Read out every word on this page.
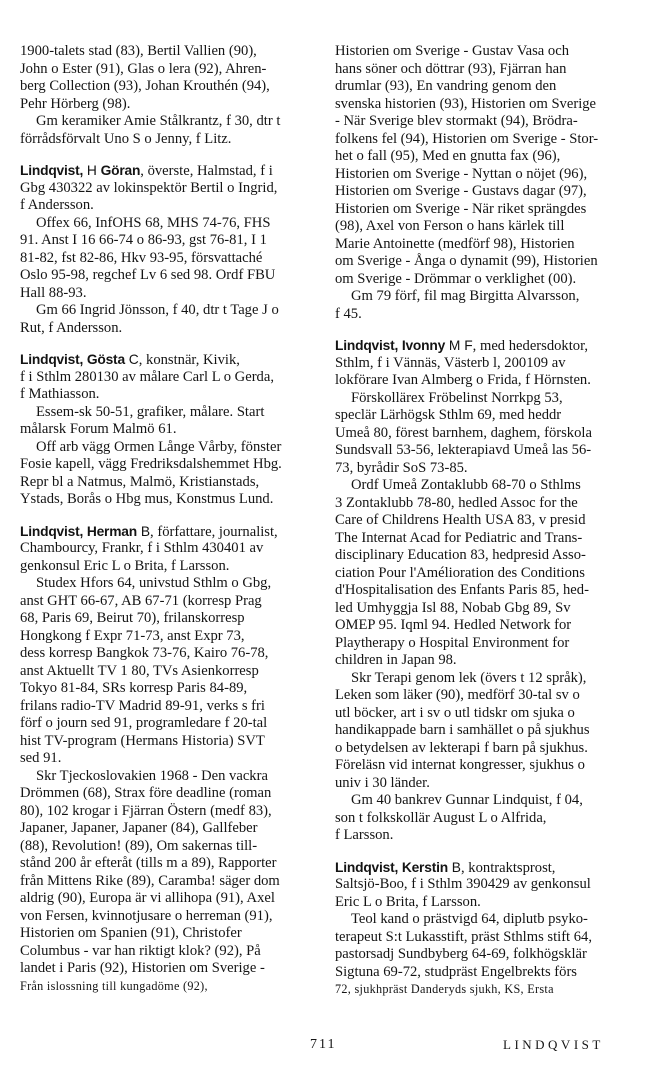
1900-talets stad (83), Bertil Vallien (90),
John o Ester (91), Glas o lera (92), Ahren-
berg Collection (93), Johan Krouthén (94),
Pehr Hörberg (98).
Gm keramiker Amie Stålkrantz, f 30, dtr t
förrådsförvalt Uno S o Jenny, f Litz.
Lindqvist, H Göran, överste, Halmstad, f i
Gbg 430322 av lokinspektör Bertil o Ingrid,
f Andersson.
Offex 66, InfOHS 68, MHS 74-76, FHS
91. Anst I 16 66-74 o 86-93, gst 76-81, I 1
81-82, fst 82-86, Hkv 93-95, försvattaché
Oslo 95-98, regchef Lv 6 sed 98. Ordf FBU
Hall 88-93.
Gm 66 Ingrid Jönsson, f 40, dtr t Tage J o
Rut, f Andersson.
Lindqvist, Gösta C, konstnär, Kivik,
f i Sthlm 280130 av målare Carl L o Gerda,
f Mathiasson.
Essem-sk 50-51, grafiker, målare. Start
målarsk Forum Malmö 61.
Off arb vägg Ormen Långe Vårby, fönster
Fosie kapell, vägg Fredriksdalshemmet Hbg.
Repr bl a Natmus, Malmö, Kristianstads,
Ystads, Borås o Hbg mus, Konstmus Lund.
Lindqvist, Herman B, författare, journalist,
Chambourcy, Frankr, f i Sthlm 430401 av
genkonsul Eric L o Brita, f Larsson.
Studex Hfors 64, univstud Sthlm o Gbg,
anst GHT 66-67, AB 67-71 (korresp Prag
68, Paris 69, Beirut 70), frilanskorresp
Hongkong f Expr 71-73, anst Expr 73,
dess korresp Bangkok 73-76, Kairo 76-78,
anst Aktuellt TV 1 80, TVs Asienkorresp
Tokyo 81-84, SRs korresp Paris 84-89,
frilans radio-TV Madrid 89-91, verks s fri
förf o journ sed 91, programledare f 20-tal
hist TV-program (Hermans Historia) SVT
sed 91.
Skr Tjeckoslovakien 1968 - Den vackra
Drömmen (68), Strax före deadline (roman
80), 102 krogar i Fjärran Östern (medf 83),
Japaner, Japaner, Japaner (84), Gallfeber
(88), Revolution! (89), Om sakernas till-
stånd 200 år efteråt (tills m a 89), Rapporter
från Mittens Rike (89), Caramba! säger dom
aldrig (90), Europa är vi allihopa (91), Axel
von Fersen, kvinnotjusare o herreman (91),
Historien om Spanien (91), Christofer
Columbus - var han riktigt klok? (92), På
landet i Paris (92), Historien om Sverige -
Från islossning till kungadöme (92),
Historien om Sverige - Gustav Vasa och
hans söner och döttrar (93), Fjärran han
drumlar (93), En vandring genom den
svenska historien (93), Historien om Sverige
- När Sverige blev stormakt (94), Brödra-
folkens fel (94), Historien om Sverige - Stor-
het o fall (95), Med en gnutta fax (96),
Historien om Sverige - Nyttan o nöjet (96),
Historien om Sverige - Gustavs dagar (97),
Historien om Sverige - När riket sprängdes
(98), Axel von Ferson o hans kärlek till
Marie Antoinette (medförf 98), Historien
om Sverige - Ånga o dynamit (99), Historien
om Sverige - Drömmar o verklighet (00).
Gm 79 förf, fil mag Birgitta Alvarsson,
f 45.
Lindqvist, Ivonny M F, med hedersdoktor,
Sthlm, f i Vännäs, Västerb l, 200109 av
lokförare Ivan Almberg o Frida, f Hörnsten.
Förskollärex Fröbelinst Norrkpg 53,
speclär Lärhögsk Sthlm 69, med heddr
Umeå 80, förest barnhem, daghem, förskola
Sundsvall 53-56, lekterapiavd Umeå las 56-
73, byrådir SoS 73-85.
Ordf Umeå Zontaklubb 68-70 o Sthlms
3 Zontaklubb 78-80, hedled Assoc for the
Care of Childrens Health USA 83, v presid
The Internat Acad for Pediatric and Trans-
disciplinary Education 83, hedpresid Asso-
ciation Pour l'Amélioration des Conditions
d'Hospitalisation des Enfants Paris 85, hed-
led Umhyggja Isl 88, Nobab Gbg 89, Sv
OMEP 95. Iqml 94. Hedled Network for
Playtherapy o Hospital Environment for
children in Japan 98.
Skr Terapi genom lek (övers t 12 språk),
Leken som läker (90), medförf 30-tal sv o
utl böcker, art i sv o utl tidskr om sjuka o
handikappade barn i samhället o på sjukhus
o betydelsen av lekterapi f barn på sjukhus.
Föreläsn vid internat kongresser, sjukhus o
univ i 30 länder.
Gm 40 bankrev Gunnar Lindquist, f 04,
son t folkskollär August L o Alfrida,
f Larsson.
Lindqvist, Kerstin B, kontraktsprost,
Saltsjö-Boo, f i Sthlm 390429 av genkonsul
Eric L o Brita, f Larsson.
Teol kand o prästvigd 64, diplutb psyko-
terapeut S:t Lukasstift, präst Sthlms stift 64,
pastorsadj Sundbyberg 64-69, folkhögsklär
Sigtuna 69-72, studpräst Engelbrekts förs
72, sjukhpräst Danderyds sjukh, KS, Ersta
711	LINDQVIST
